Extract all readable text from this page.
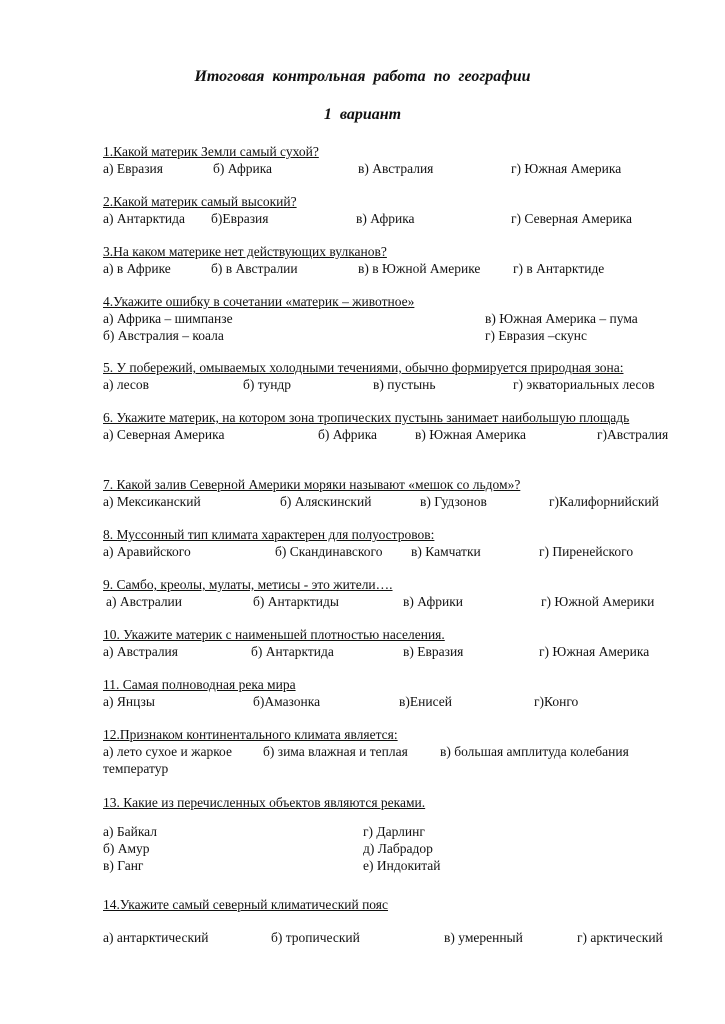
Итоговая контрольная работа по географии
1 вариант
1.Какой материк Земли самый сухой?
а) Евразия	б) Африка	в) Австралия	г) Южная Америка
2.Какой материк самый высокий?
а) Антарктида б)Евразия	в) Африка	г) Северная Америка
3.На каком материке нет действующих вулканов?
а) в Африке	б) в Австралии	в) в Южной Америке г) в Антарктиде
4.Укажите ошибку в сочетании «материк – животное»
а) Африка – шимпанзе	в) Южная Америка – пума
б) Австралия – коала	г) Евразия –скунс
5. У побережий, омываемых холодными течениями, обычно формируется природная зона:
а) лесов	б) тундр	в) пустынь	г) экваториальных лесов
6. Укажите материк, на котором зона тропических пустынь занимает наибольшую площадь
а) Северная Америка	б) Африка	в) Южная Америка	г)Австралия
7. Какой залив Северной Америки моряки называют «мешок со льдом»?
а) Мексиканский	б) Аляскинский	в) Гудзонов	г)Калифорнийский
8. Муссонный тип климата характерен для полуостровов:
а) Аравийского	б) Скандинавского в) Камчатки	г) Пиренейского
9. Самбо, креолы, мулаты, метисы - это жители….
а) Австралии	б) Антарктиды	в) Африки	г) Южной Америки
10. Укажите материк с наименьшей плотностью населения.
а) Австралия	б) Антарктида	в) Евразия	г) Южная Америка
11. Самая полноводная река мира
а) Янцзы	б)Амазонка	в)Енисей	г)Конго
12.Признаком континентального климата является:
а) лето сухое и жаркое б) зима влажная и теплая в) большая амплитуда колебания
температур
13. Какие из перечисленных объектов являются реками.
а) Байкал	г) Дарлинг
б) Амур	д) Лабрадор
в) Ганг	е) Индокитай
14.Укажите самый северный климатический пояс
а) антарктический	б) тропический	в) умеренный	г) арктический
